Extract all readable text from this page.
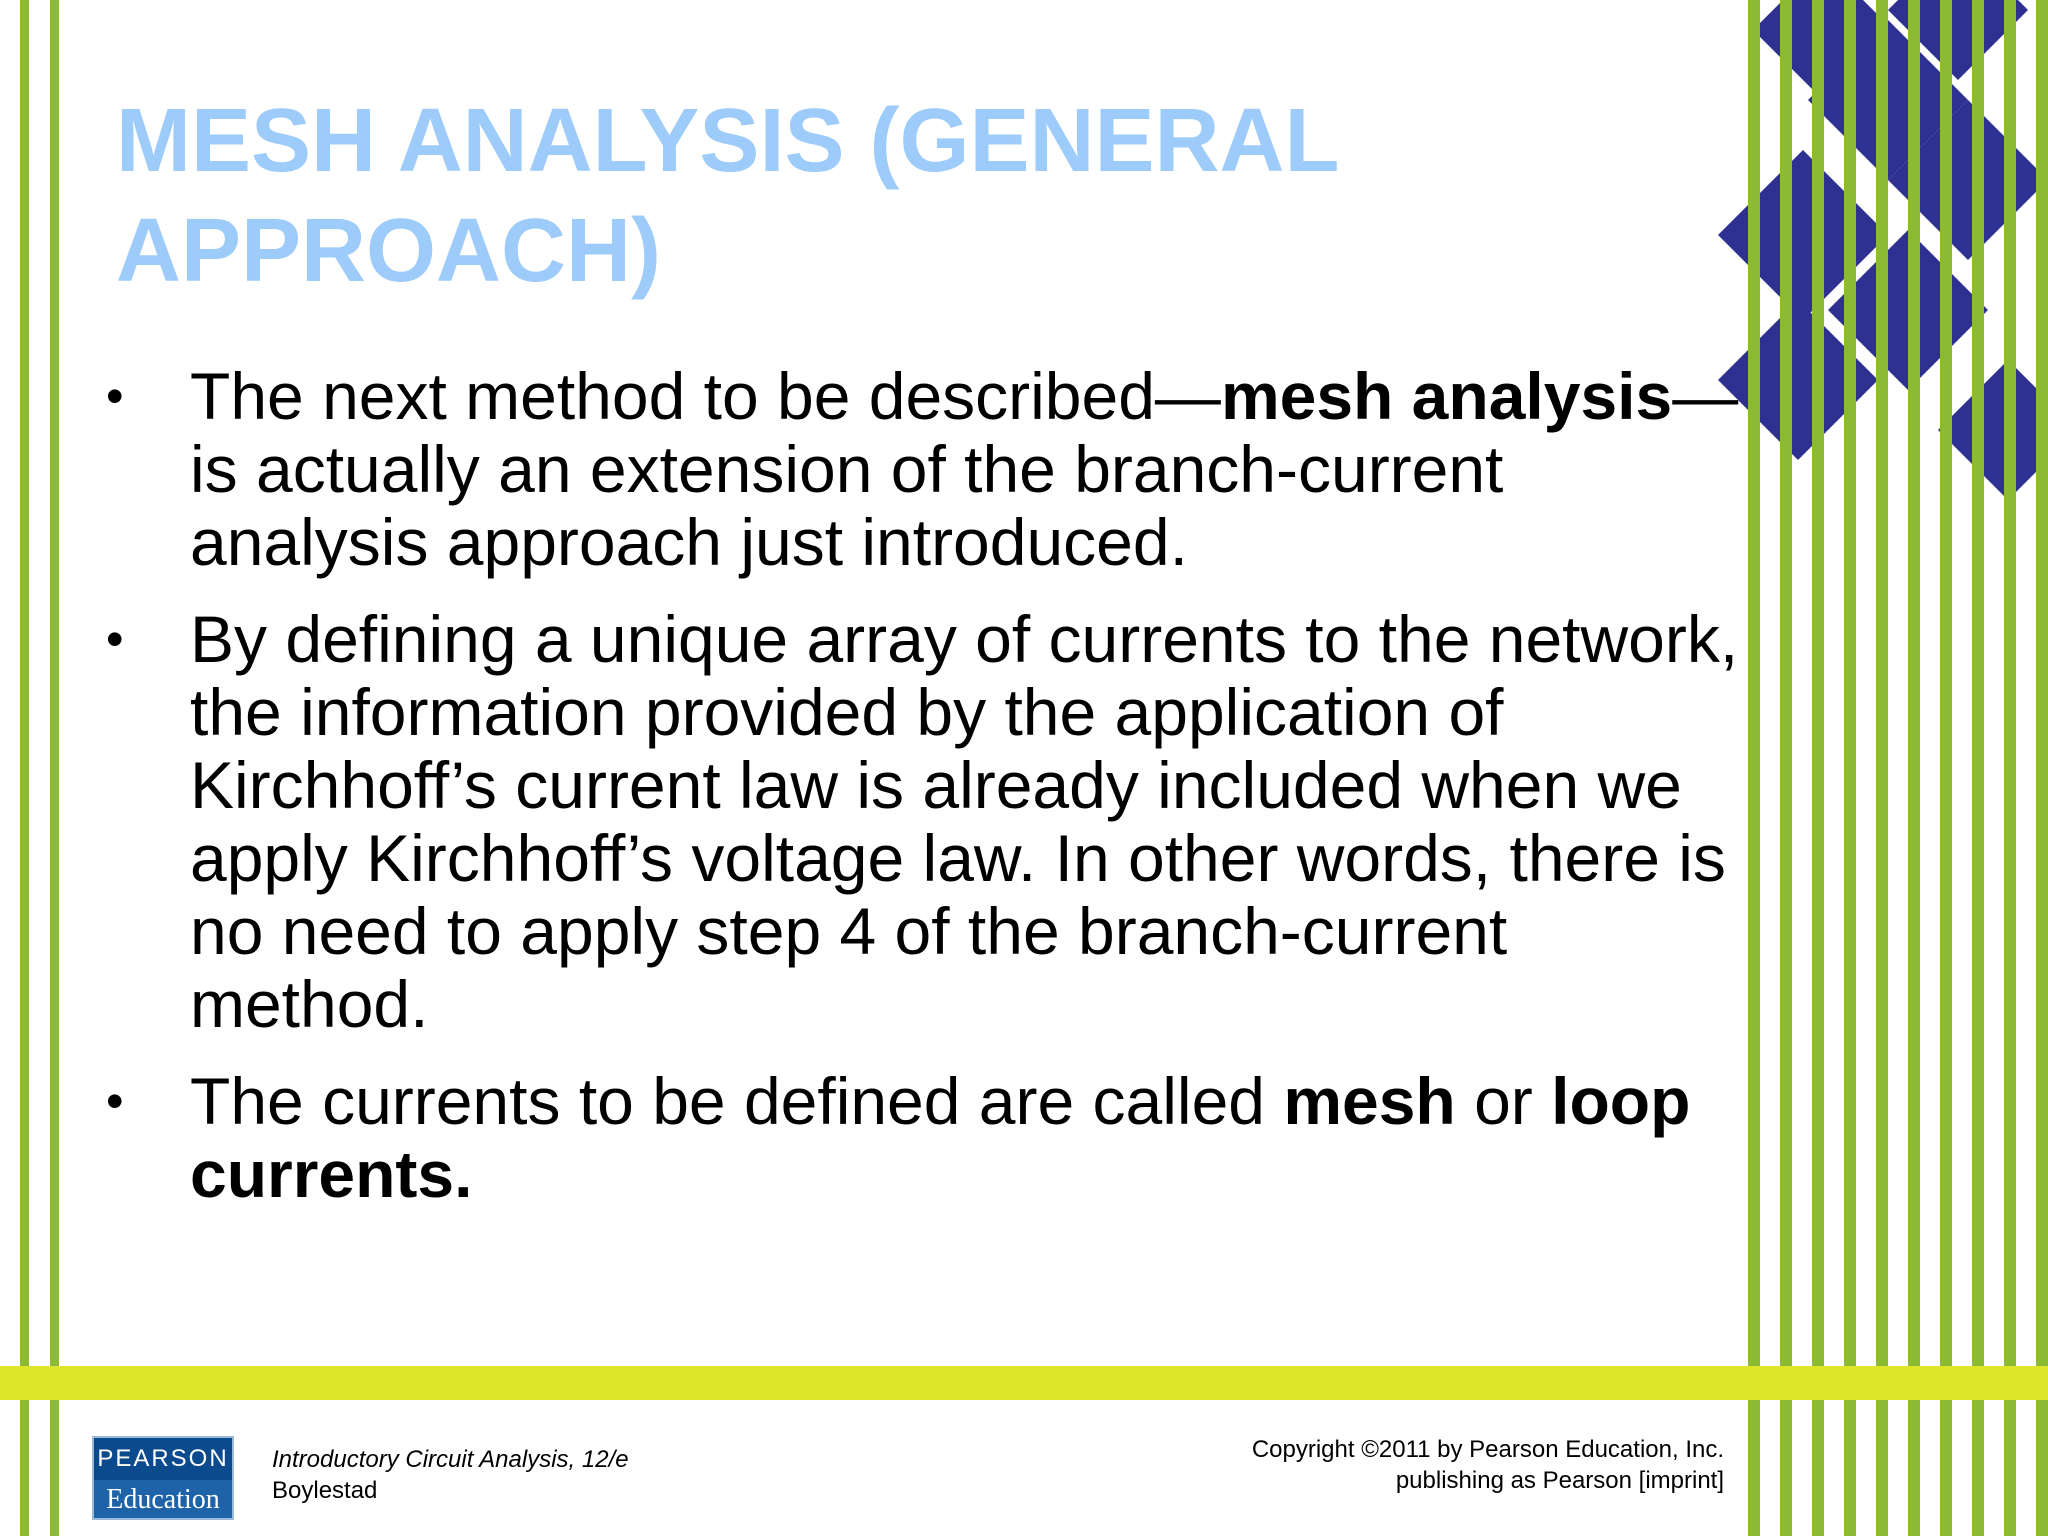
MESH ANALYSIS (GENERAL
APPROACH)
•	The next method to be described—mesh analysis—is actually an extension of the branch-current analysis approach just introduced.
•	By defining a unique array of currents to the network, the information provided by the application of Kirchhoff’s current law is already included when we apply Kirchhoff’s voltage law. In other words, there is no need to apply step 4 of the branch-current method.
•	The currents to be defined are called mesh or loop currents.
PEARSON
Education
Introductory Circuit Analysis, 12/e
Boylestad
Copyright ©2011 by Pearson Education, Inc.
publishing as Pearson [imprint]
